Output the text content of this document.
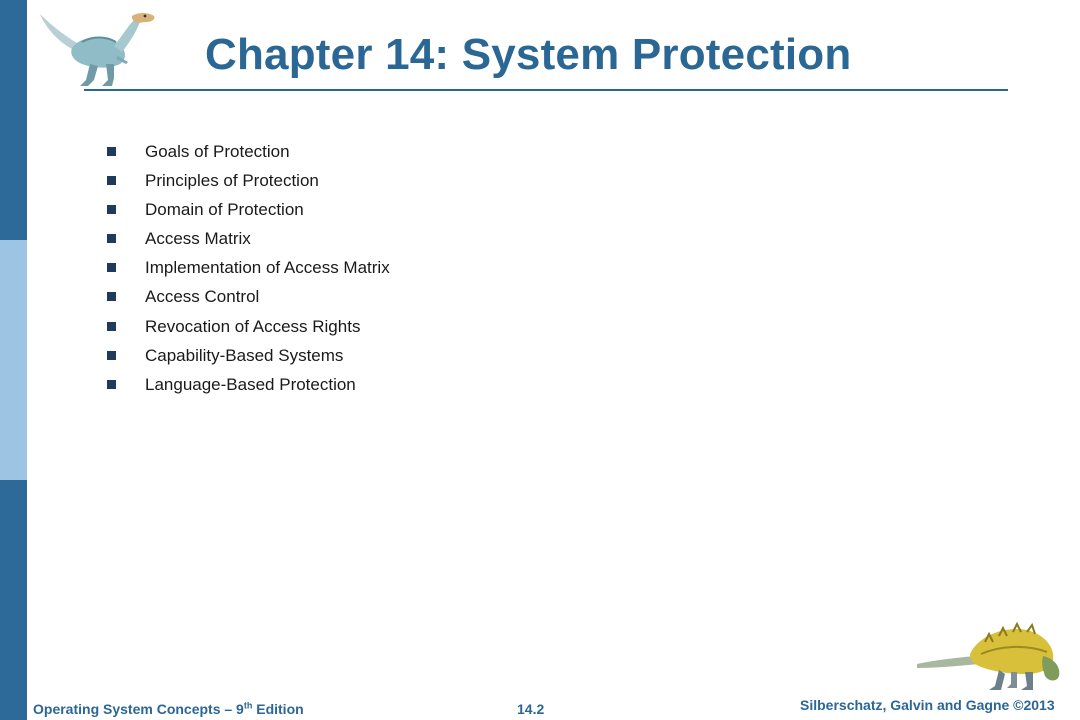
Chapter 14: System Protection
Goals of Protection
Principles of Protection
Domain of Protection
Access Matrix
Implementation of Access Matrix
Access Control
Revocation of Access Rights
Capability-Based Systems
Language-Based Protection
Operating System Concepts – 9th Edition	14.2	Silberschatz, Galvin and Gagne ©2013
